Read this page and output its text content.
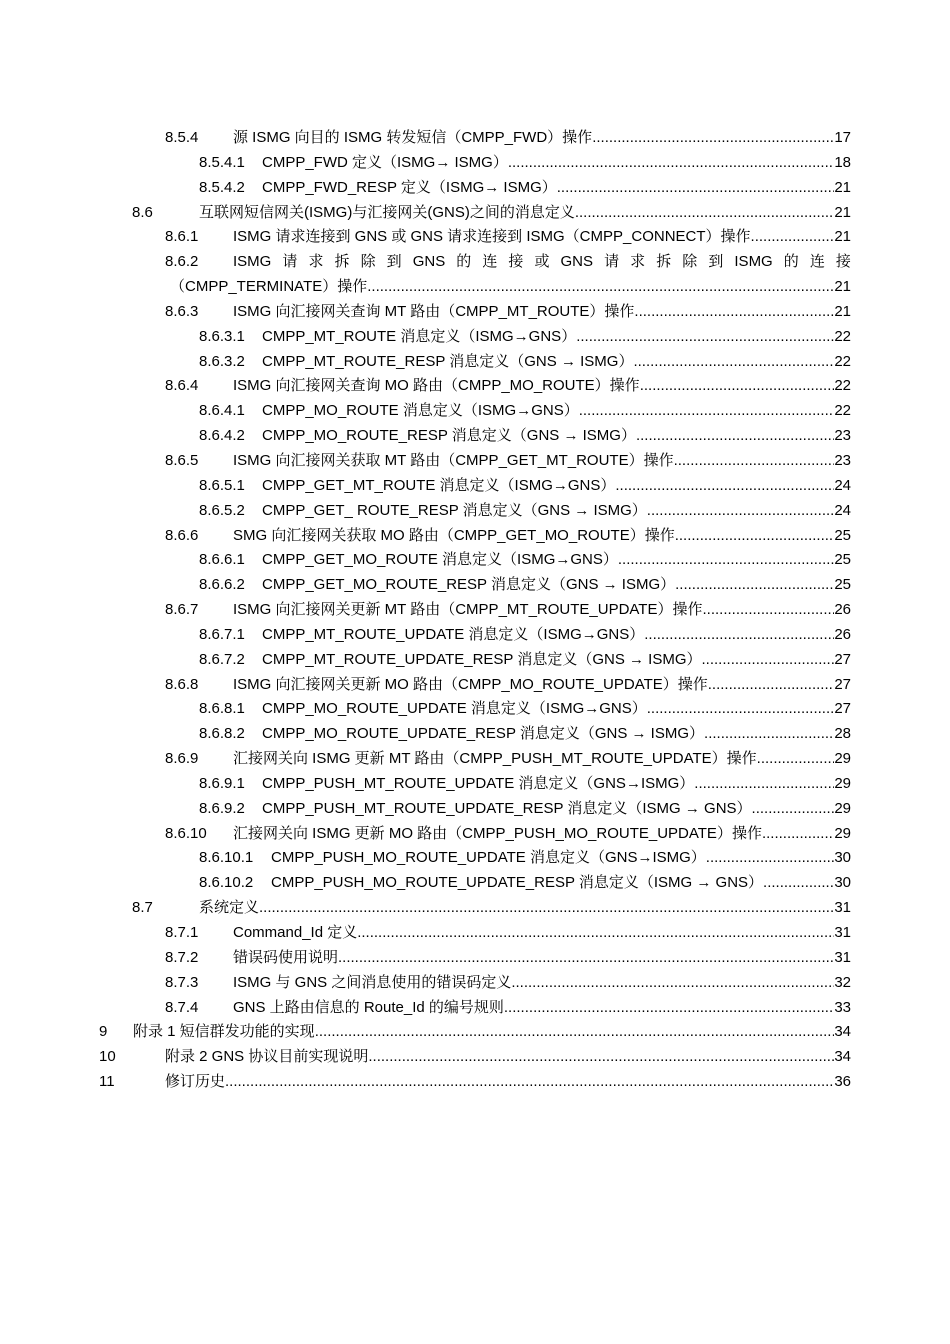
8.5.4 源 ISMG 向目的 ISMG 转发短信（CMPP_FWD）操作 .....	17
8.5.4.1 CMPP_FWD 定义（ISMG→ ISMG） .....	18
8.5.4.2 CMPP_FWD_RESP 定义（ISMG→ ISMG） .....	21
8.6	互联网短信网关(ISMG)与汇接网关(GNS)之间的消息定义 .....	21
8.6.1 ISMG 请求连接到 GNS 或 GNS 请求连接到 ISMG（CMPP_CONNECT）操作 .....	21
8.6.2 ISMG 请 求 拆 除 到 GNS 的 连 接 或 GNS 请 求 拆 除 到 ISMG 的 连 接
（CMPP_TERMINATE）操作 .....	21
8.6.3 ISMG 向汇接网关查询 MT 路由（CMPP_MT_ROUTE）操作 .....	21
8.6.3.1 CMPP_MT_ROUTE 消息定义（ISMG→GNS） .....	22
8.6.3.2 CMPP_MT_ROUTE_RESP 消息定义（GNS → ISMG） .....	22
8.6.4 ISMG 向汇接网关查询 MO 路由（CMPP_MO_ROUTE）操作 .....	22
8.6.4.1 CMPP_MO_ROUTE 消息定义（ISMG→GNS） .....	22
8.6.4.2 CMPP_MO_ROUTE_RESP 消息定义（GNS → ISMG） .....	23
8.6.5 ISMG 向汇接网关获取 MT 路由（CMPP_GET_MT_ROUTE）操作 .....	23
8.6.5.1 CMPP_GET_MT_ROUTE 消息定义（ISMG→GNS） .....	24
8.6.5.2 CMPP_GET_ ROUTE_RESP 消息定义（GNS → ISMG） .....	24
8.6.6 SMG 向汇接网关获取 MO 路由（CMPP_GET_MO_ROUTE）操作 .....	25
8.6.6.1 CMPP_GET_MO_ROUTE 消息定义（ISMG→GNS） .....	25
8.6.6.2 CMPP_GET_MO_ROUTE_RESP 消息定义（GNS → ISMG） .....	25
8.6.7 ISMG 向汇接网关更新 MT 路由（CMPP_MT_ROUTE_UPDATE）操作 .....	26
8.6.7.1 CMPP_MT_ROUTE_UPDATE 消息定义（ISMG→GNS） .....	26
8.6.7.2 CMPP_MT_ROUTE_UPDATE_RESP 消息定义（GNS → ISMG） .....	27
8.6.8 ISMG 向汇接网关更新 MO 路由（CMPP_MO_ROUTE_UPDATE）操作 .....	27
8.6.8.1 CMPP_MO_ROUTE_UPDATE 消息定义（ISMG→GNS） .....	27
8.6.8.2 CMPP_MO_ROUTE_UPDATE_RESP 消息定义（GNS → ISMG） .....	28
8.6.9 汇接网关向 ISMG 更新 MT 路由（CMPP_PUSH_MT_ROUTE_UPDATE）操作 .....	29
8.6.9.1 CMPP_PUSH_MT_ROUTE_UPDATE 消息定义（GNS→ISMG） .....	29
8.6.9.2 CMPP_PUSH_MT_ROUTE_UPDATE_RESP 消息定义（ISMG → GNS） .....	29
8.6.10 汇接网关向 ISMG 更新 MO 路由（CMPP_PUSH_MO_ROUTE_UPDATE）操作 .....	29
8.6.10.1 CMPP_PUSH_MO_ROUTE_UPDATE 消息定义（GNS→ISMG） .....	30
8.6.10.2 CMPP_PUSH_MO_ROUTE_UPDATE_RESP 消息定义（ISMG → GNS） .....	30
8.7	系统定义 .....	31
8.7.1 Command_Id 定义 .....	31
8.7.2 错误码使用说明 .....	31
8.7.3 ISMG 与 GNS 之间消息使用的错误码定义 .....	32
8.7.4 GNS 上路由信息的 Route_Id 的编号规则 .....	33
9 附录 1 短信群发功能的实现 .....	34
10	附录 2 GNS 协议目前实现说明 .....	34
11	修订历史 .....	36
